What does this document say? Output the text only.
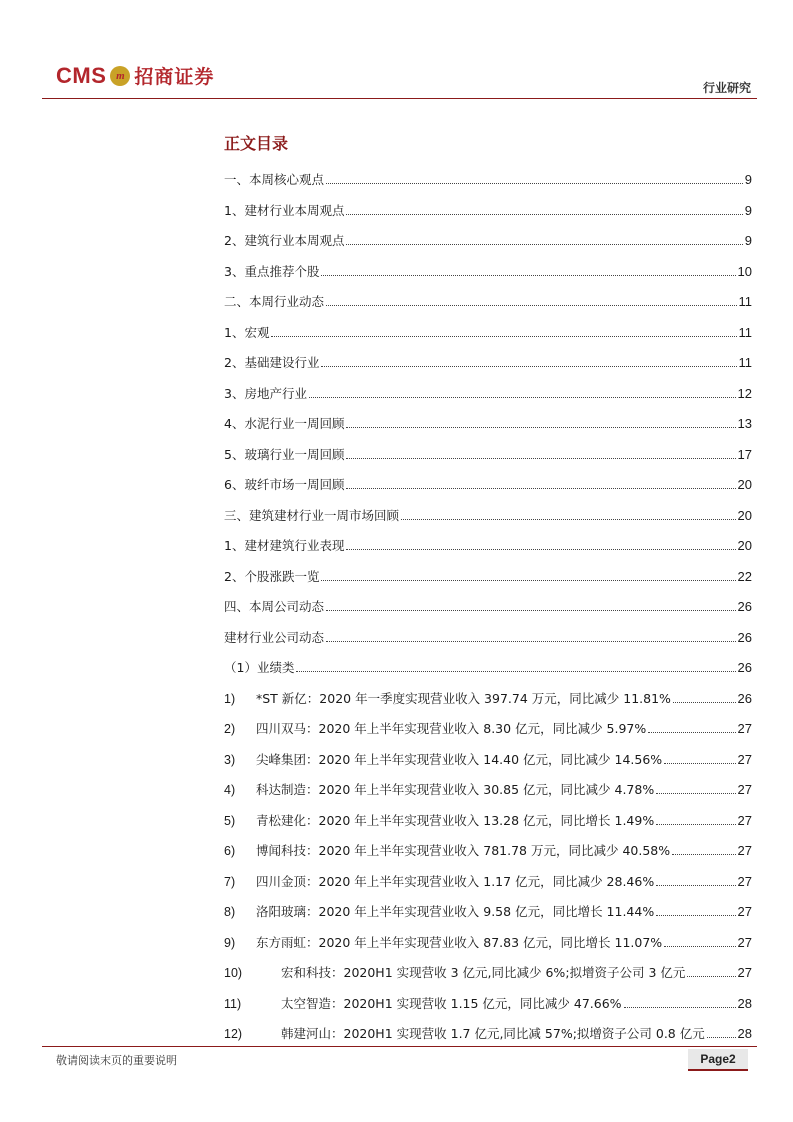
CMS m 招商证券	行业研究
正文目录
一、本周核心观点	9
1、建材行业本周观点	9
2、建筑行业本周观点	9
3、重点推荐个股	10
二、本周行业动态	11
1、宏观	11
2、基础建设行业	11
3、房地产行业	12
4、水泥行业一周回顾	13
5、玻璃行业一周回顾	17
6、玻纤市场一周回顾	20
三、建筑建材行业一周市场回顾	20
1、建材建筑行业表现	20
2、个股涨跌一览	22
四、本周公司动态	26
建材行业公司动态	26
（1）业绩类	26
1) *ST 新亿：2020 年一季度实现营业收入 397.74 万元，同比减少 11.81%	26
2) 四川双马：2020 年上半年实现营业收入 8.30 亿元，同比减少 5.97%	27
3) 尖峰集团：2020 年上半年实现营业收入 14.40 亿元，同比减少 14.56%	27
4) 科达制造：2020 年上半年实现营业收入 30.85 亿元，同比减少 4.78%	27
5) 青松建化：2020 年上半年实现营业收入 13.28 亿元，同比增长 1.49%	27
6) 博闻科技：2020 年上半年实现营业收入 781.78 万元，同比减少 40.58%	27
7) 四川金顶：2020 年上半年实现营业收入 1.17 亿元，同比减少 28.46%	27
8) 洛阳玻璃：2020 年上半年实现营业收入 9.58 亿元，同比增长 11.44%	27
9) 东方雨虹：2020 年上半年实现营业收入 87.83 亿元，同比增长 11.07%	27
10)	宏和科技：2020H1 实现营收 3 亿元,同比减少 6%;拟增资子公司 3 亿元	27
11)	太空智造：2020H1 实现营收 1.15 亿元，同比减少 47.66%	28
12)	韩建河山：2020H1 实现营收 1.7 亿元,同比减 57%;拟增资子公司 0.8 亿元	28
敬请阅读末页的重要说明	Page2
